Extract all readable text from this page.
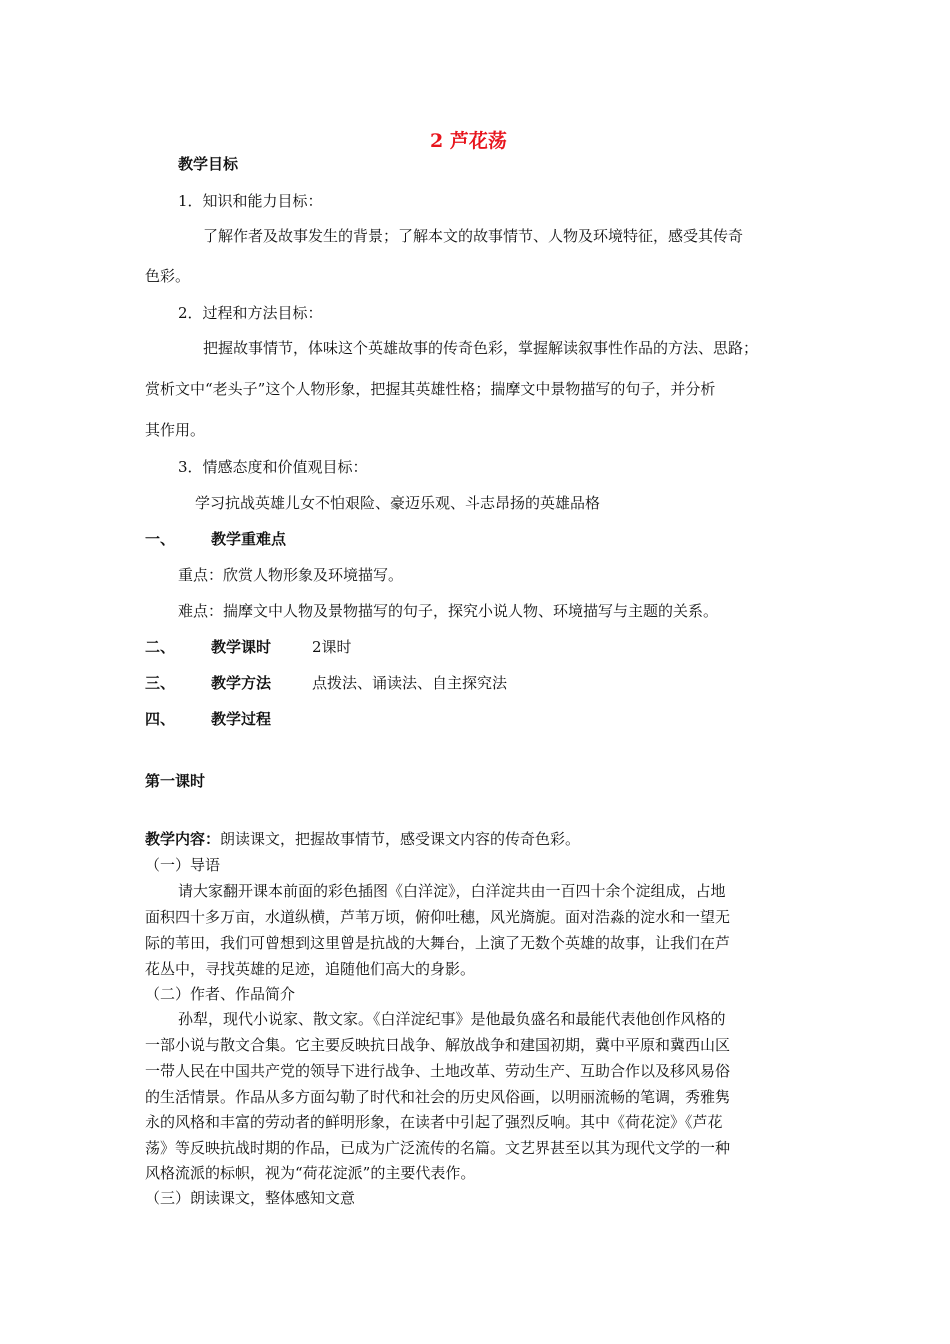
2 芦花荡
教学目标
1．知识和能力目标：
了解作者及故事发生的背景；了解本文的故事情节、人物及环境特征，感受其传奇
色彩。
2．过程和方法目标：
把握故事情节，体味这个英雄故事的传奇色彩，掌握解读叙事性作品的方法、思路；
赏析文中“老头子”这个人物形象，把握其英雄性格；揣摩文中景物描写的句子，并分析
其作用。
3．情感态度和价值观目标：
学习抗战英雄儿女不怕艰险、豪迈乐观、斗志昂扬的英雄品格
一、 教学重难点
重点：欣赏人物形象及环境描写。
难点：揣摩文中人物及景物描写的句子，探究小说人物、环境描写与主题的关系。
二、 教学课时	2课时
三、 教学方法	点拨法、诵读法、自主探究法
四、 教学过程
第一课时
教学内容：朗读课文，把握故事情节，感受课文内容的传奇色彩。
（一）导语
请大家翻开课本前面的彩色插图《白洋淀》，白洋淀共由一百四十余个淀组成，占地
面积四十多万亩，水道纵横，芦苇万顷，俯仰吐穗，风光旖旎。面对浩淼的淀水和一望无
际的苇田，我们可曾想到这里曾是抗战的大舞台，上演了无数个英雄的故事，让我们在芦
花丛中，寻找英雄的足迹，追随他们高大的身影。
（二）作者、作品简介
孙犁，现代小说家、散文家。《白洋淀纪事》是他最负盛名和最能代表他创作风格的
一部小说与散文合集。它主要反映抗日战争、解放战争和建国初期，冀中平原和冀西山区
一带人民在中国共产党的领导下进行战争、土地改革、劳动生产、互助合作以及移风易俗
的生活情景。作品从多方面勾勒了时代和社会的历史风俗画，以明丽流畅的笔调，秀雅隽
永的风格和丰富的劳动者的鲜明形象，在读者中引起了强烈反响。其中《荷花淀》《芦花
荡》等反映抗战时期的作品，已成为广泛流传的名篇。文艺界甚至以其为现代文学的一种
风格流派的标帜，视为“荷花淀派”的主要代表作。
（三）朗读课文，整体感知文意
